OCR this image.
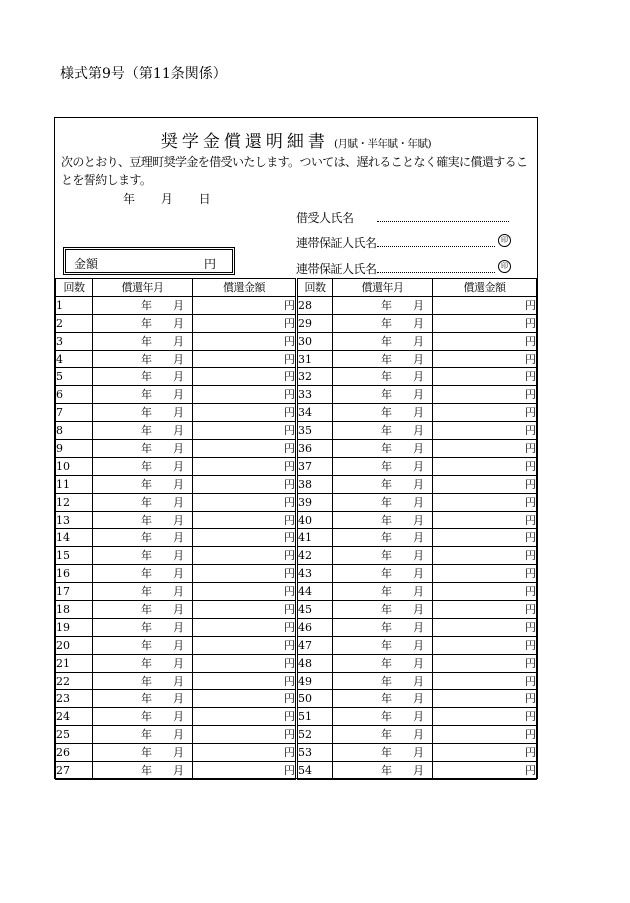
様式第9号（第11条関係）
奨学金償還明細書 (月賦・半年賦・年賦)
次のとおり、豆理町奨学金を借受いたします。ついては、遅れることなく確実に償還することを誓約します。
年 月 日
借受人氏名
連帯保証人氏名	印
金額	円	連帯保証人氏名	印
回数	償還年月	償還金額	回数	償還年月	償還金額
1	年 月	円	28	年 月	円
2	年 月	円	29	年 月	円
3	年 月	円	30	年 月	円
4	年 月	円	31	年 月	円
5	年 月	円	32	年 月	円
6	年 月	円	33	年 月	円
7	年 月	円	34	年 月	円
8	年 月	円	35	年 月	円
9	年 月	円	36	年 月	円
10	年 月	円	37	年 月	円
11	年 月	円	38	年 月	円
12	年 月	円	39	年 月	円
13	年 月	円	40	年 月	円
14	年 月	円	41	年 月	円
15	年 月	円	42	年 月	円
16	年 月	円	43	年 月	円
17	年 月	円	44	年 月	円
18	年 月	円	45	年 月	円
19	年 月	円	46	年 月	円
20	年 月	円	47	年 月	円
21	年 月	円	48	年 月	円
22	年 月	円	49	年 月	円
23	年 月	円	50	年 月	円
24	年 月	円	51	年 月	円
25	年 月	円	52	年 月	円
26	年 月	円	53	年 月	円
27	年 月	円	54	年 月	円
